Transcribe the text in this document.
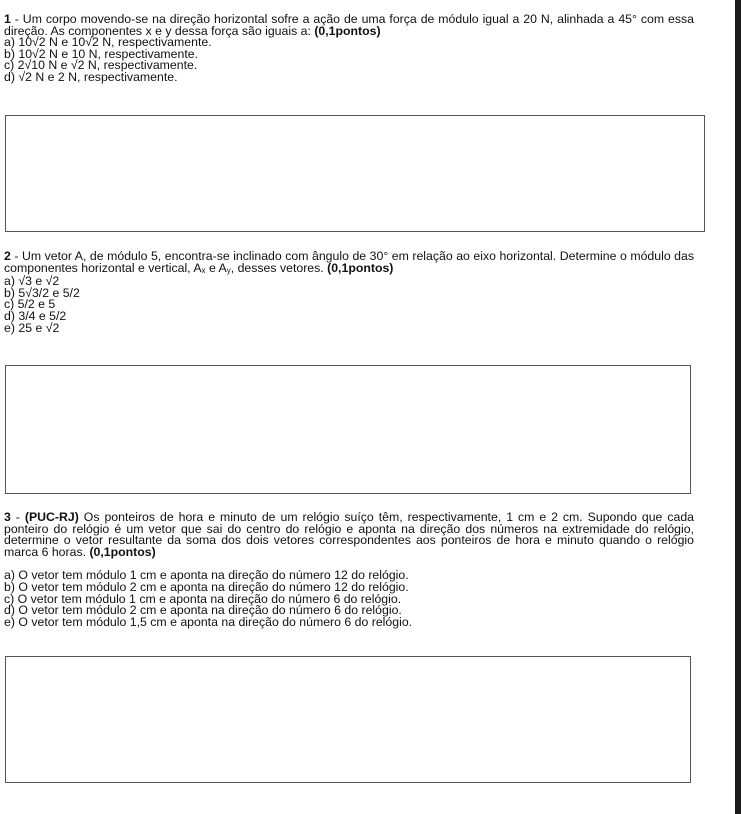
1 - Um corpo movendo-se na direção horizontal sofre a ação de uma força de módulo igual a 20 N, alinhada a 45° com essa direção. As componentes x e y dessa força são iguais a: (0,1pontos)

a) 10√2 N e 10√2 N, respectivamente.

b) 10√2 N e 10 N, respectivamente.

c) 2√10 N e √2 N, respectivamente.

d) √2 N e 2 N, respectivamente.

2 - Um vetor A, de módulo 5, encontra-se inclinado com ângulo de 30° em relação ao eixo horizontal. Determine o módulo das componentes horizontal e vertical, Ax e Ay, desses vetores. (0,1pontos)

a) √3 e √2

b) 5√3/2 e 5/2

c) 5/2 e 5

d) 3/4 e 5/2

e) 25 e √2

3 - (PUC-RJ) Os ponteiros de hora e minuto de um relógio suíço têm, respectivamente, 1 cm e 2 cm. Supondo que cada ponteiro do relógio é um vetor que sai do centro do relógio e aponta na direção dos números na extremidade do relógio, determine o vetor resultante da soma dos dois vetores correspondentes aos ponteiros de hora e minuto quando o relógio marca 6 horas. (0,1pontos)

a) O vetor tem módulo 1 cm e aponta na direção do número 12 do relógio.

b) O vetor tem módulo 2 cm e aponta na direção do número 12 do relógio.

c) O vetor tem módulo 1 cm e aponta na direção do número 6 do relógio.

d) O vetor tem módulo 2 cm e aponta na direção do número 6 do relógio.

e) O vetor tem módulo 1,5 cm e aponta na direção do número 6 do relógio.
